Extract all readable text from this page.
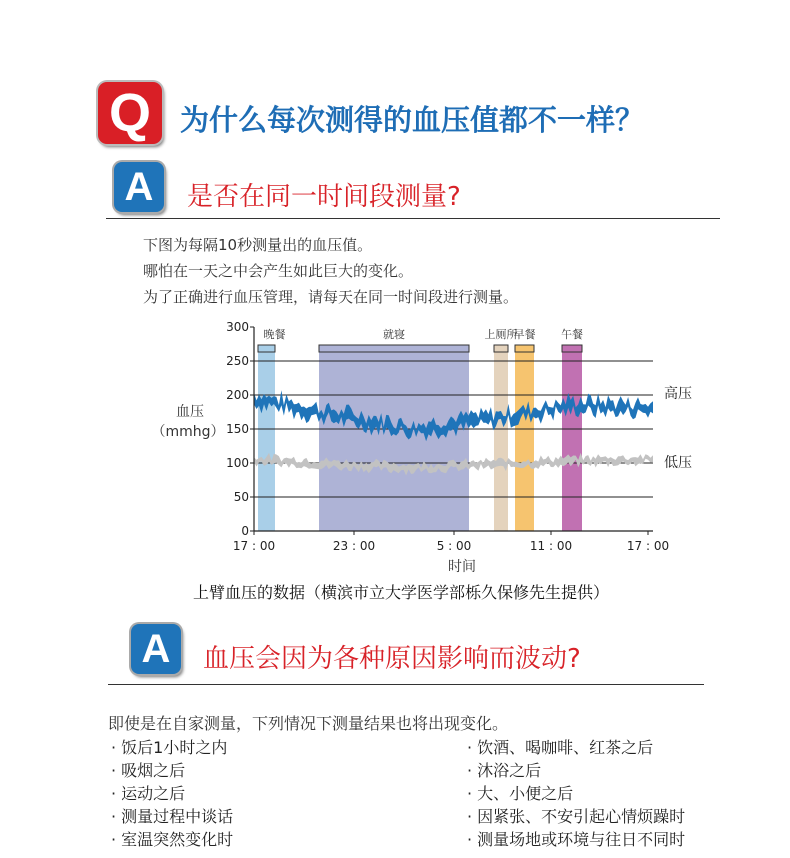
Q	为什么每次测得的血压值都不一样？
A	是否在同一时间段测量?
下图为每隔10秒测量出的血压值。
哪怕在一天之中会产生如此巨大的变化。
为了正确进行血压管理，请每天在同一时间段进行测量。
晚餐	就寝	上厕所
早餐 午餐
高压
低压
300
250
200
150
100
50
0
17 : 00	23 : 00	5 : 00	11 : 00	17 : 00
血压
（mmhg）
时间
上臂血压的数据（横滨市立大学医学部栎久保修先生提供）
A	血压会因为各种原因影响而波动?
即使是在自家测量，下列情况下测量结果也将出现变化。
· 饭后1小时之内
· 吸烟之后
· 运动之后
· 测量过程中谈话
· 室温突然变化时
· 饮酒、喝咖啡、红茶之后
· 沐浴之后
· 大、小便之后
· 因紧张、不安引起心情烦躁时
· 测量场地或环境与往日不同时
